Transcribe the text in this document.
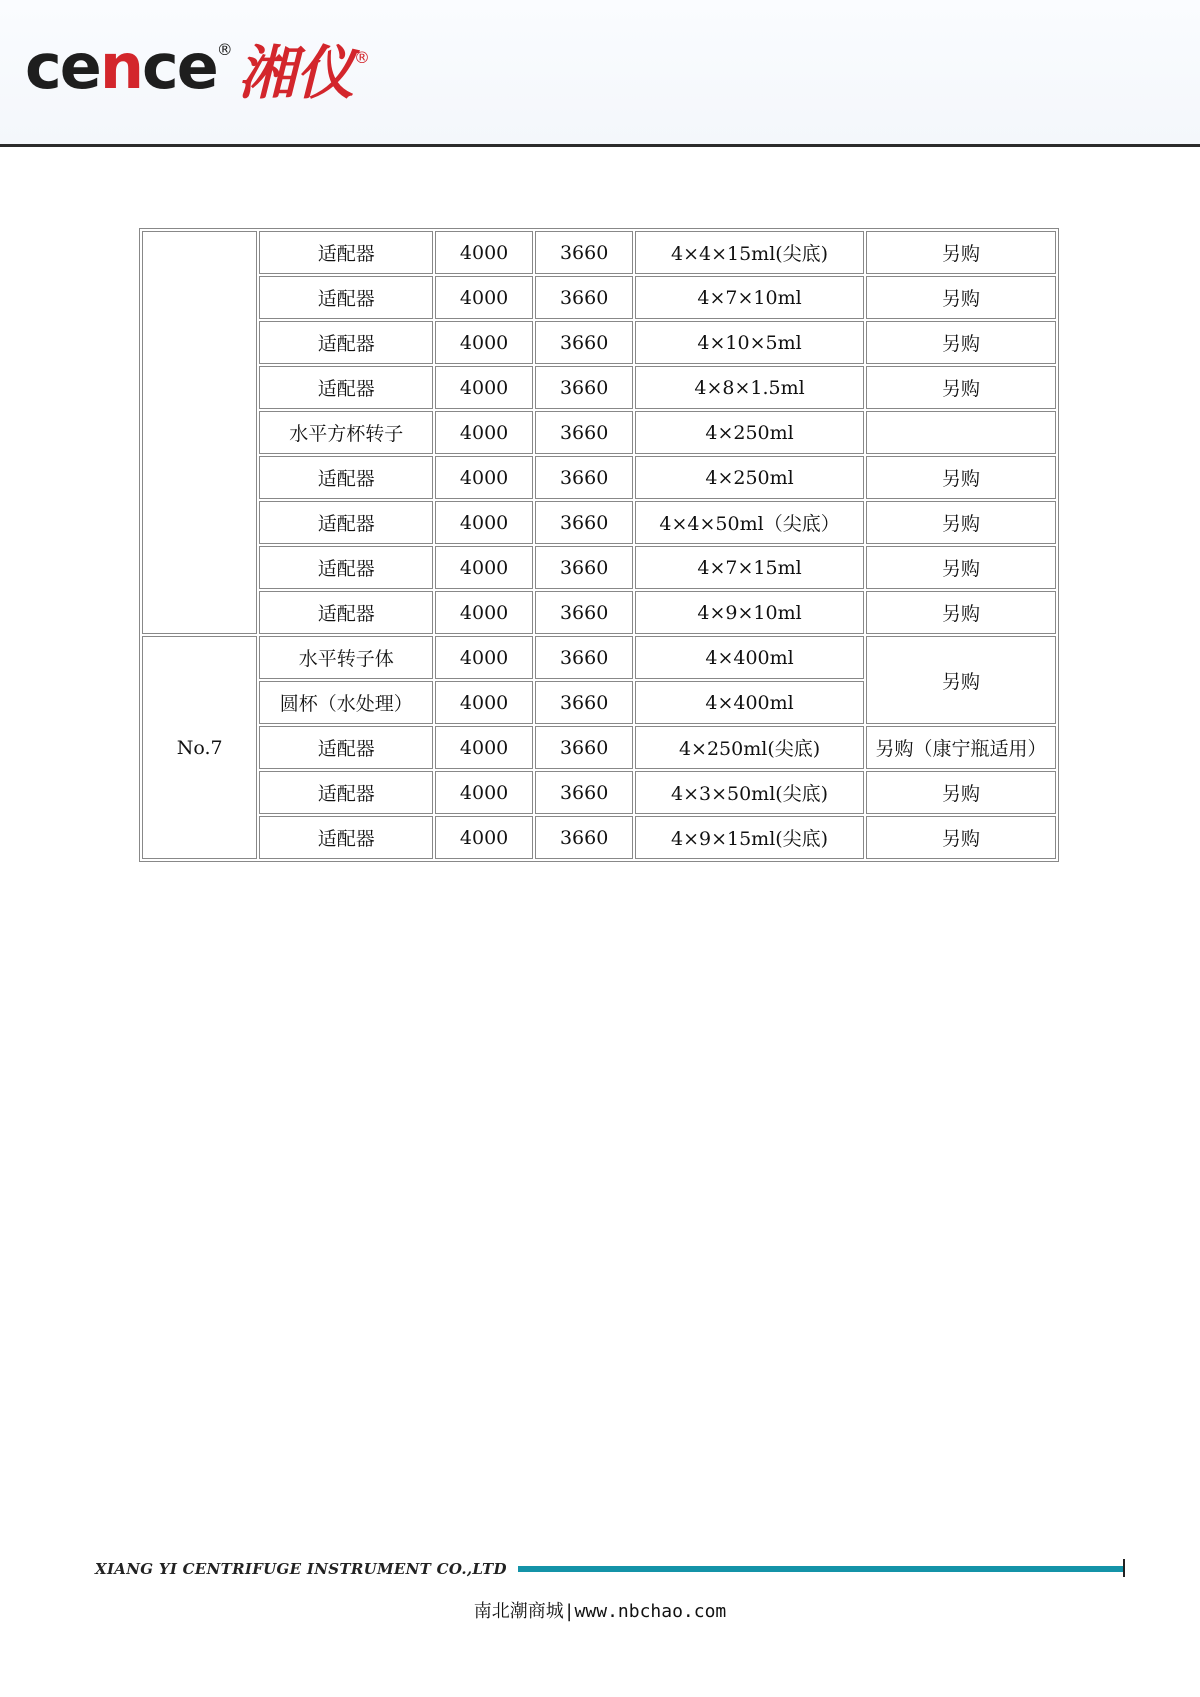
cence® 湘仪®
	适配器	4000	3660	4×4×15ml(尖底)	另购
	适配器	4000	3660	4×7×10ml	另购
	适配器	4000	3660	4×10×5ml	另购
	适配器	4000	3660	4×8×1.5ml	另购
	水平方杯转子	4000	3660	4×250ml	
	适配器	4000	3660	4×250ml	另购
	适配器	4000	3660	4×4×50ml（尖底）	另购
	适配器	4000	3660	4×7×15ml	另购
	适配器	4000	3660	4×9×10ml	另购
No.7	水平转子体	4000	3660	4×400ml	另购
	圆杯（水处理）	4000	3660	4×400ml	
	适配器	4000	3660	4×250ml(尖底)	另购（康宁瓶适用）
	适配器	4000	3660	4×3×50ml(尖底)	另购
	适配器	4000	3660	4×9×15ml(尖底)	另购
XIANG YI CENTRIFUGE INSTRUMENT CO.,LTD
南北潮商城|www.nbchao.com
